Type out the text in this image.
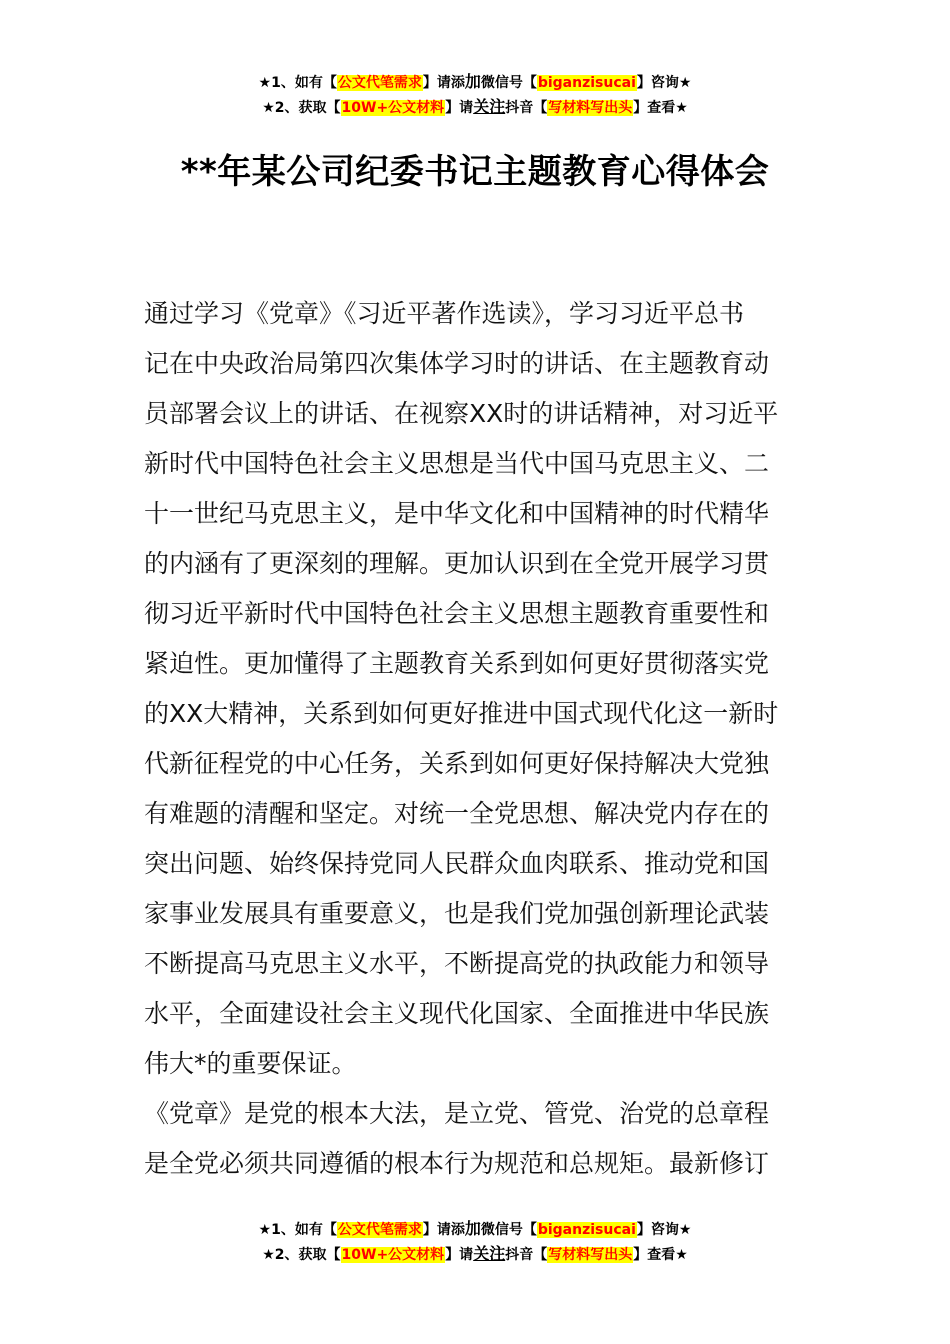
★1、如有【公文代笔需求】请添加微信号【biganzisucai】咨询★
★2、获取【10W+公文材料】请关注抖音【写材料写出头】查看★
**年某公司纪委书记主题教育心得体会
通过学习《党章》《习近平著作选读》，学习习近平总书
记在中央政治局第四次集体学习时的讲话、在主题教育动
员部署会议上的讲话、在视察XX时的讲话精神，对习近平
新时代中国特色社会主义思想是当代中国马克思主义、二
十一世纪马克思主义，是中华文化和中国精神的时代精华
的内涵有了更深刻的理解。更加认识到在全党开展学习贯
彻习近平新时代中国特色社会主义思想主题教育重要性和
紧迫性。更加懂得了主题教育关系到如何更好贯彻落实党
的XX大精神，关系到如何更好推进中国式现代化这一新时
代新征程党的中心任务，关系到如何更好保持解决大党独
有难题的清醒和坚定。对统一全党思想、解决党内存在的
突出问题、始终保持党同人民群众血肉联系、推动党和国
家事业发展具有重要意义，也是我们党加强创新理论武装
不断提高马克思主义水平，不断提高党的执政能力和领导
水平，全面建设社会主义现代化国家、全面推进中华民族
伟大*的重要保证。
《党章》是党的根本大法，是立党、管党、治党的总章程
是全党必须共同遵循的根本行为规范和总规矩。最新修订
★1、如有【公文代笔需求】请添加微信号【biganzisucai】咨询★
★2、获取【10W+公文材料】请关注抖音【写材料写出头】查看★
